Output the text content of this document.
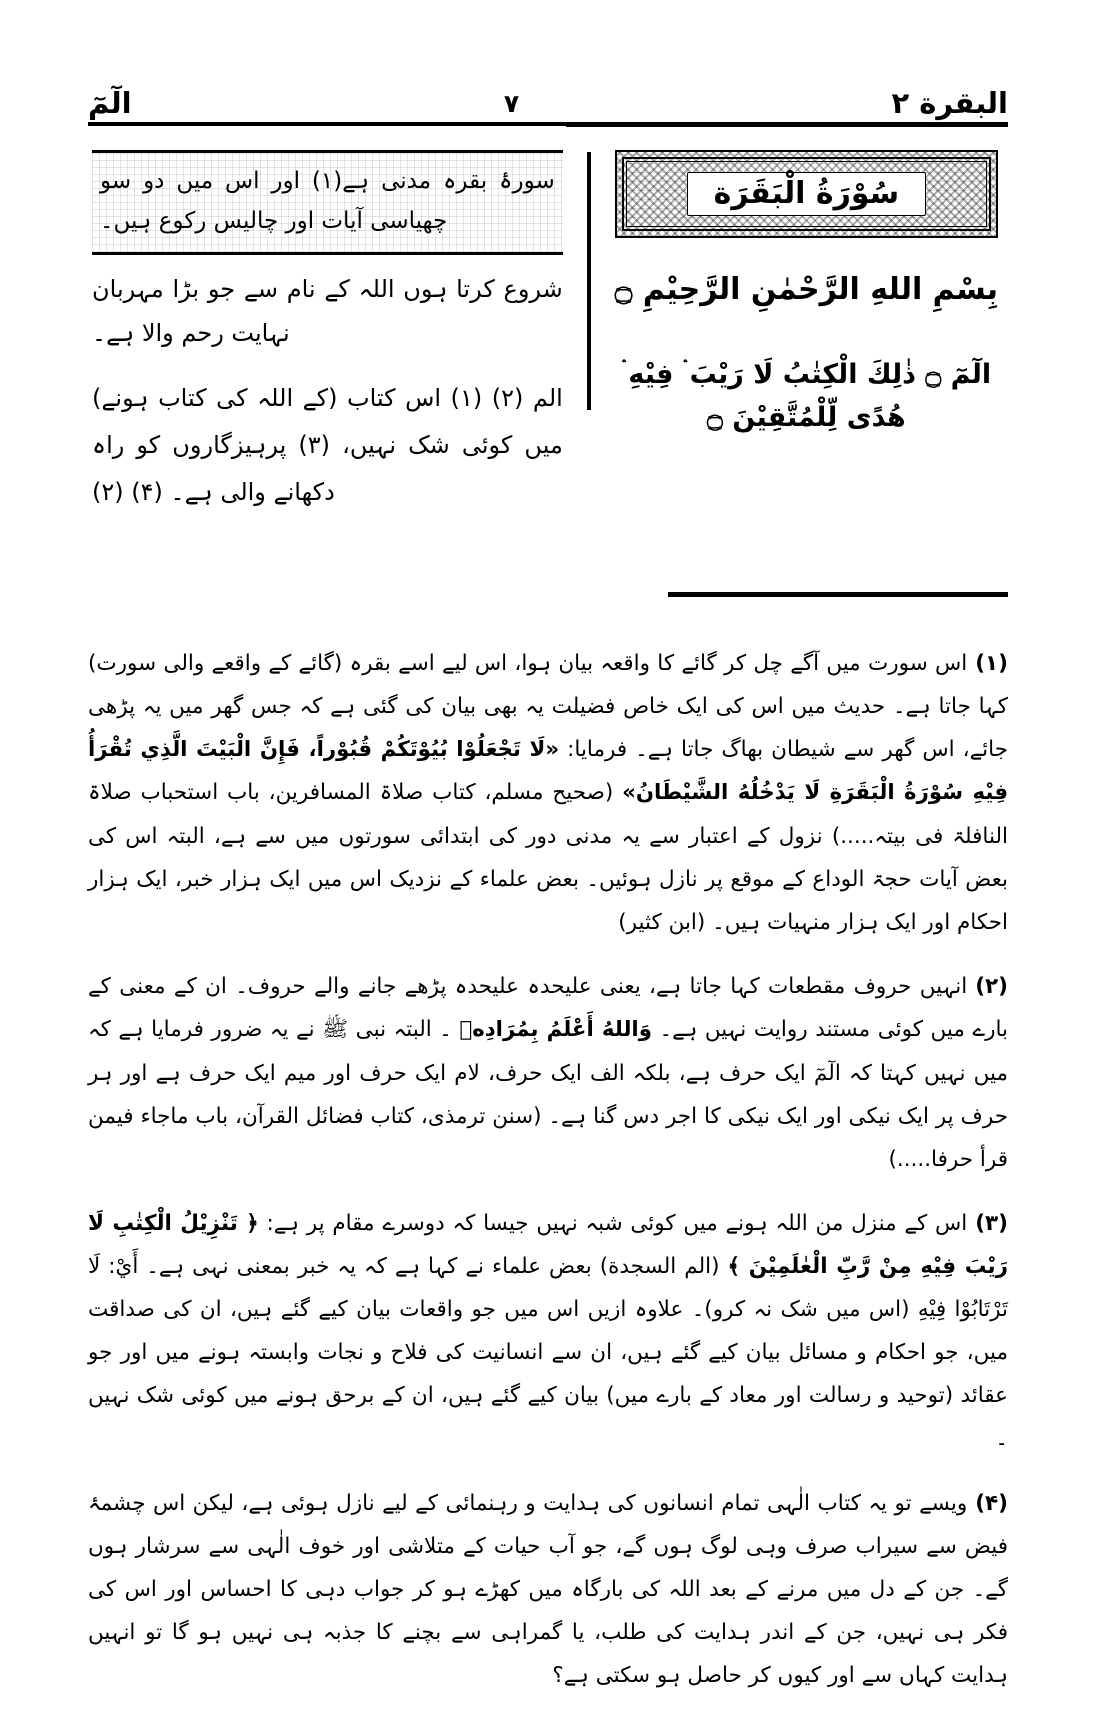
البقرة ۲
۷
الٓمٓ
سُوْرَةُ الْبَقَرَة
بِسْمِ اللهِ الرَّحْمٰنِ الرَّحِيْمِ ۝
الٓمٓ ۝ ذٰلِكَ الْكِتٰبُ لَا رَيْبَ ۛ فِيْهِ ۛ هُدًى لِّلْمُتَّقِيْنَ ۝
سورۂ بقرہ مدنی ہے(۱) اور اس میں دو سو چھیاسی آیات اور چالیس رکوع ہیں۔
شروع کرتا ہوں اللہ کے نام سے جو بڑا مہربان نہایت رحم والا ہے۔
الم (۲) (۱) اس کتاب (کے اللہ کی کتاب ہونے) میں کوئی شک نہیں، (۳) پرہیزگاروں کو راہ دکھانے والی ہے۔ (۴) (۲)

(۱)اس سورت میں آگے چل کر گائے کا واقعہ بیان ہوا، اس لیے اسے بقرہ (گائے کے واقعے والی سورت) کہا جاتا ہے۔ حدیث میں اس کی ایک خاص فضیلت یہ بھی بیان کی گئی ہے کہ جس گھر میں یہ پڑھی جائے، اس گھر سے شیطان بھاگ جاتا ہے۔ فرمایا: «لَا تَجْعَلُوْا بُيُوْتَكُمْ قُبُوْراً، فَإِنَّ الْبَيْتَ الَّذِي تُقْرَأُ فِيْهِ سُوْرَةُ الْبَقَرَةِ لَا يَدْخُلُهُ الشَّيْطَانُ» (صحیح مسلم، کتاب صلاۃ المسافرین، باب استحباب صلاۃ النافلۃ فی بیتہ.....) نزول کے اعتبار سے یہ مدنی دور کی ابتدائی سورتوں میں سے ہے، البتہ اس کی بعض آیات حجۃ الوداع کے موقع پر نازل ہوئیں۔ بعض علماء کے نزدیک اس میں ایک ہزار خبر، ایک ہزار احکام اور ایک ہزار منہیات ہیں۔ (ابن کثیر)

(۲)انہیں حروف مقطعات کہا جاتا ہے، یعنی علیحدہ علیحدہ پڑھے جانے والے حروف۔ ان کے معنی کے بارے میں کوئی مستند روایت نہیں ہے۔ وَاللهُ أَعْلَمُ بِمُرَادِهٖ ۔ البتہ نبی ﷺ نے یہ ضرور فرمایا ہے کہ میں نہیں کہتا کہ الٓمٓ ایک حرف ہے، بلکہ الف ایک حرف، لام ایک حرف اور میم ایک حرف ہے اور ہر حرف پر ایک نیکی اور ایک نیکی کا اجر دس گنا ہے۔ (سنن ترمذی، کتاب فضائل القرآن، باب ماجاء فیمن قرأ حرفا.....)

(۳)اس کے منزل من اللہ ہونے میں کوئی شبہ نہیں جیسا کہ دوسرے مقام پر ہے: ﴿ تَنْزِيْلُ الْكِتٰبِ لَا رَيْبَ فِيْهِ مِنْ رَّبِّ الْعٰلَمِيْنَ ﴾ (الم السجدة) بعض علماء نے کہا ہے کہ یہ خبر بمعنی نہی ہے۔ أَيْ: لَا تَرْتَابُوْا فِيْهِ (اس میں شک نہ کرو)۔ علاوہ ازیں اس میں جو واقعات بیان کیے گئے ہیں، ان کی صداقت میں، جو احکام و مسائل بیان کیے گئے ہیں، ان سے انسانیت کی فلاح و نجات وابستہ ہونے میں اور جو عقائد (توحید و رسالت اور معاد کے بارے میں) بیان کیے گئے ہیں، ان کے برحق ہونے میں کوئی شک نہیں ۔

(۴)ویسے تو یہ کتاب الٰہی تمام انسانوں کی ہدایت و رہنمائی کے لیے نازل ہوئی ہے، لیکن اس چشمۂ فیض سے سیراب صرف وہی لوگ ہوں گے، جو آب حیات کے متلاشی اور خوف الٰہی سے سرشار ہوں گے۔ جن کے دل میں مرنے کے بعد اللہ کی بارگاہ میں کھڑے ہو کر جواب دہی کا احساس اور اس کی فکر ہی نہیں، جن کے اندر ہدایت کی طلب، یا گمراہی سے بچنے کا جذبہ ہی نہیں ہو گا تو انہیں ہدایت کہاں سے اور کیوں کر حاصل ہو سکتی ہے؟
